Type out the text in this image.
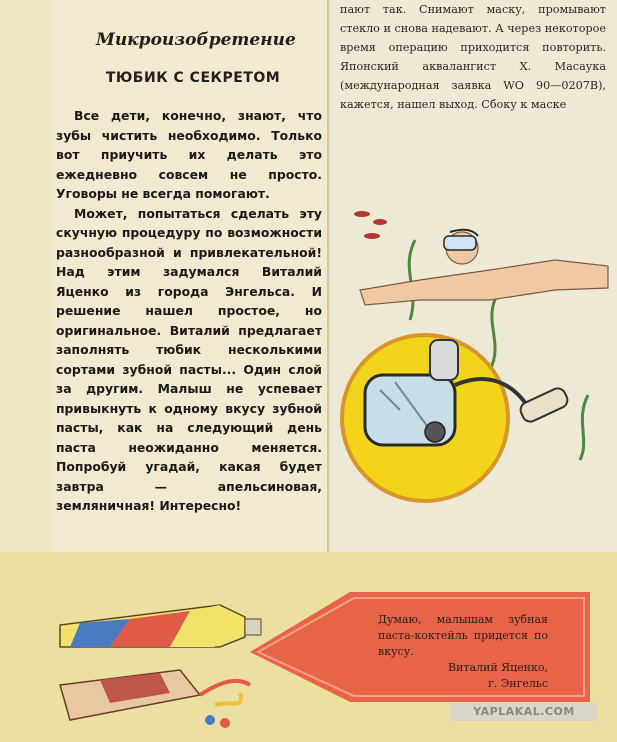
Микроизобретение
ТЮБИК С СЕКРЕТОМ

Все дети, конечно, знают, что зубы чистить необходимо. Только вот приучить их делать это ежедневно совсем не просто. Уговоры не всегда помогают.

Может, попытаться сделать эту скучную процедуру по возможности разнообразной и привлекательной! Над этим задумался Виталий Яценко из города Энгельса. И решение нашел простое, но оригинальное. Виталий предлагает заполнять тюбик несколькими сортами зубной пасты... Один слой за другим. Малыш не успевает привыкнуть к одному вкусу зубной пасты, как на следующий день паста неожиданно меняется. Попробуй угадай, какая будет завтра — апельсиновая, земляничная! Интересно!

пают так. Снимают маску, промывают стекло и снова надевают. А через некоторое время операцию приходится повторить. Японский аквалангист Х. Масаука (международная заявка WO 90—0207B), кажется, нашел выход. Сбоку к маске
Думаю, малышам зубная паста-коктейль придется по вкусу.
Виталий Яценко,
г. Энгельс
YAPLAKAL.COM
